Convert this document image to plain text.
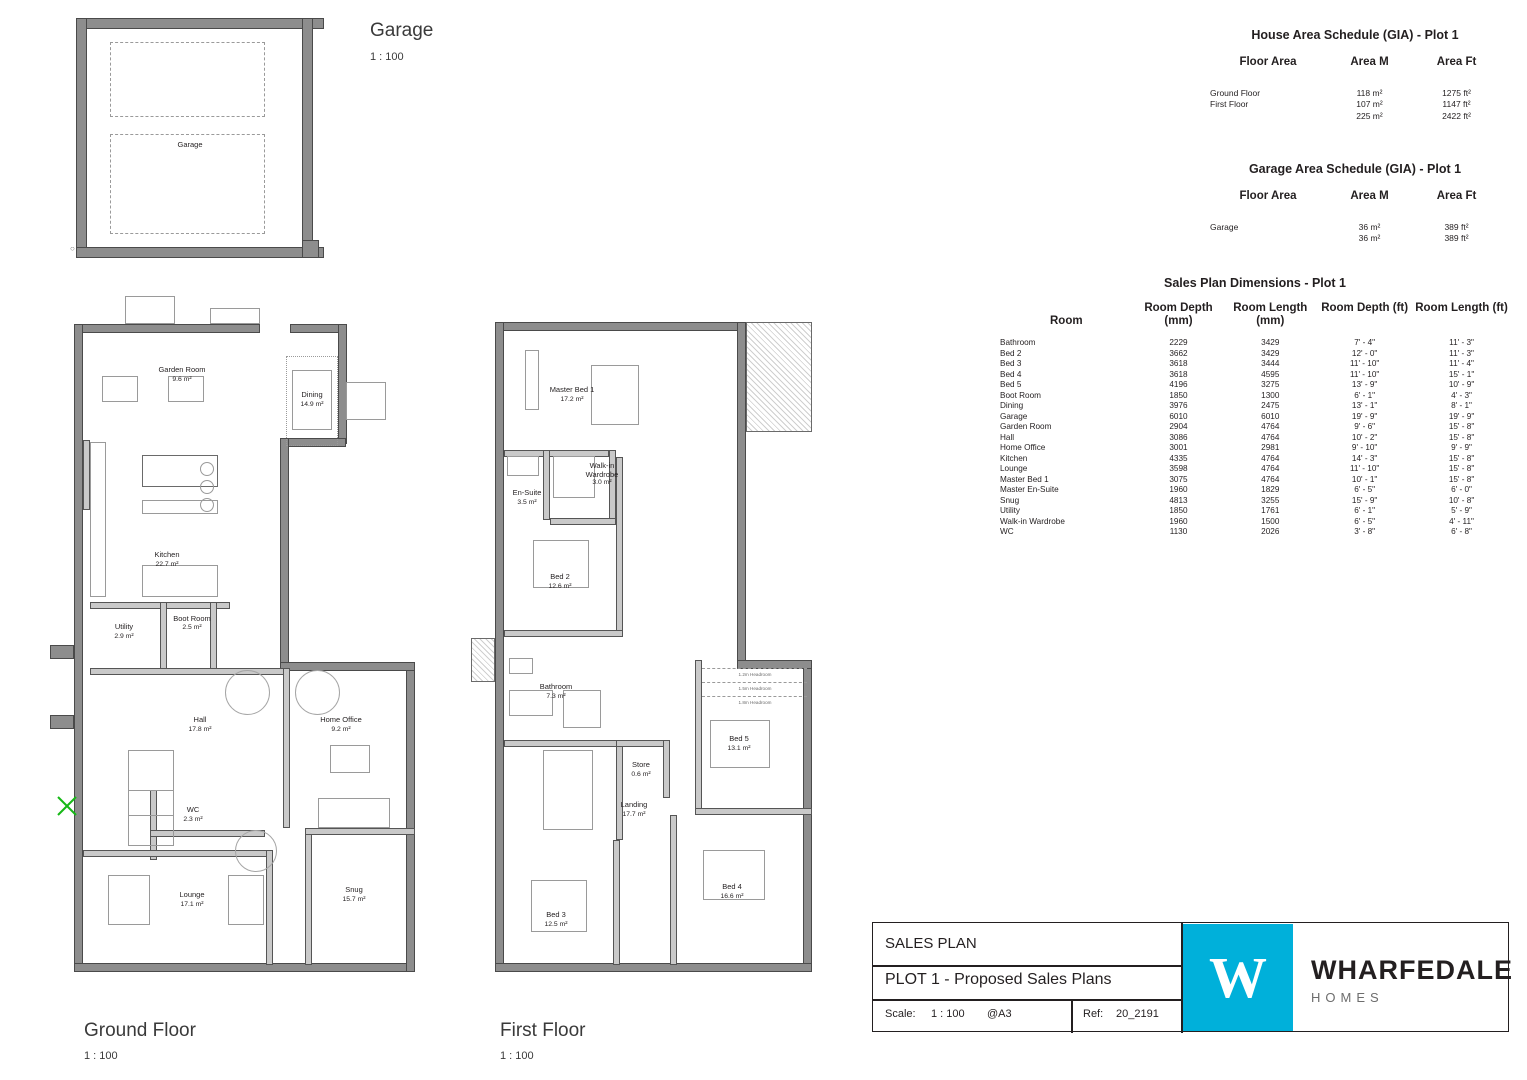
○
Garage
Garage
1 : 100
Garden Room
9.6 m²
Dining
14.9 m²
Kitchen
22.7 m²
Utility
2.9 m²
Boot Room
2.5 m²
Hall
17.8 m²
Home Office
9.2 m²
WC
2.3 m²
Lounge
17.1 m²
Snug
15.7 m²
Ground Floor
1 : 100
1.2m Headroom
1.5m Headroom
1.8m Headroom
Master Bed 1
17.2 m²
Walk-in Wardrobe
3.0 m²
En-Suite
3.5 m²
Bed 2
12.6 m²
Bathroom
7.3 m²
Store
0.6 m²
Landing
17.7 m²
Bed 5
13.1 m²
Bed 3
12.5 m²
Bed 4
16.6 m²
First Floor
1 : 100
House Area Schedule (GIA) - Plot 1
Floor Area	Area M	Area Ft

Ground Floor	118 m²	1275 ft²
First Floor	107 m²	1147 ft²
	225 m²	2422 ft²
Garage Area Schedule (GIA) - Plot 1
Floor Area	Area M	Area Ft

Garage	36 m²	389 ft²
	36 m²	389 ft²
Sales Plan Dimensions - Plot 1
Room	Room Depth (mm)	Room Length (mm)	Room Depth (ft)	Room Length (ft)
Bathroom	2229	3429	7' - 4"	11' - 3"
Bed 2	3662	3429	12' - 0"	11' - 3"
Bed 3	3618	3444	11' - 10"	11' - 4"
Bed 4	3618	4595	11' - 10"	15' - 1"
Bed 5	4196	3275	13' - 9"	10' - 9"
Boot Room	1850	1300	6' - 1"	4' - 3"
Dining	3976	2475	13' - 1"	8' - 1"
Garage	6010	6010	19' - 9"	19' - 9"
Garden Room	2904	4764	9' - 6"	15' - 8"
Hall	3086	4764	10' - 2"	15' - 8"
Home Office	3001	2981	9' - 10"	9' - 9"
Kitchen	4335	4764	14' - 3"	15' - 8"
Lounge	3598	4764	11' - 10"	15' - 8"
Master Bed 1	3075	4764	10' - 1"	15' - 8"
Master En-Suite	1960	1829	6' - 5"	6' - 0"
Snug	4813	3255	15' - 9"	10' - 8"
Utility	1850	1761	6' - 1"	5' - 9"
Walk-in Wardrobe	1960	1500	6' - 5"	4' - 11"
WC	1130	2026	3' - 8"	6' - 8"
SALES PLAN
PLOT 1 - Proposed Sales Plans
Scale: 1 : 100 @A3	Ref: 20_2191
W WHARFEDALE
HOMES
